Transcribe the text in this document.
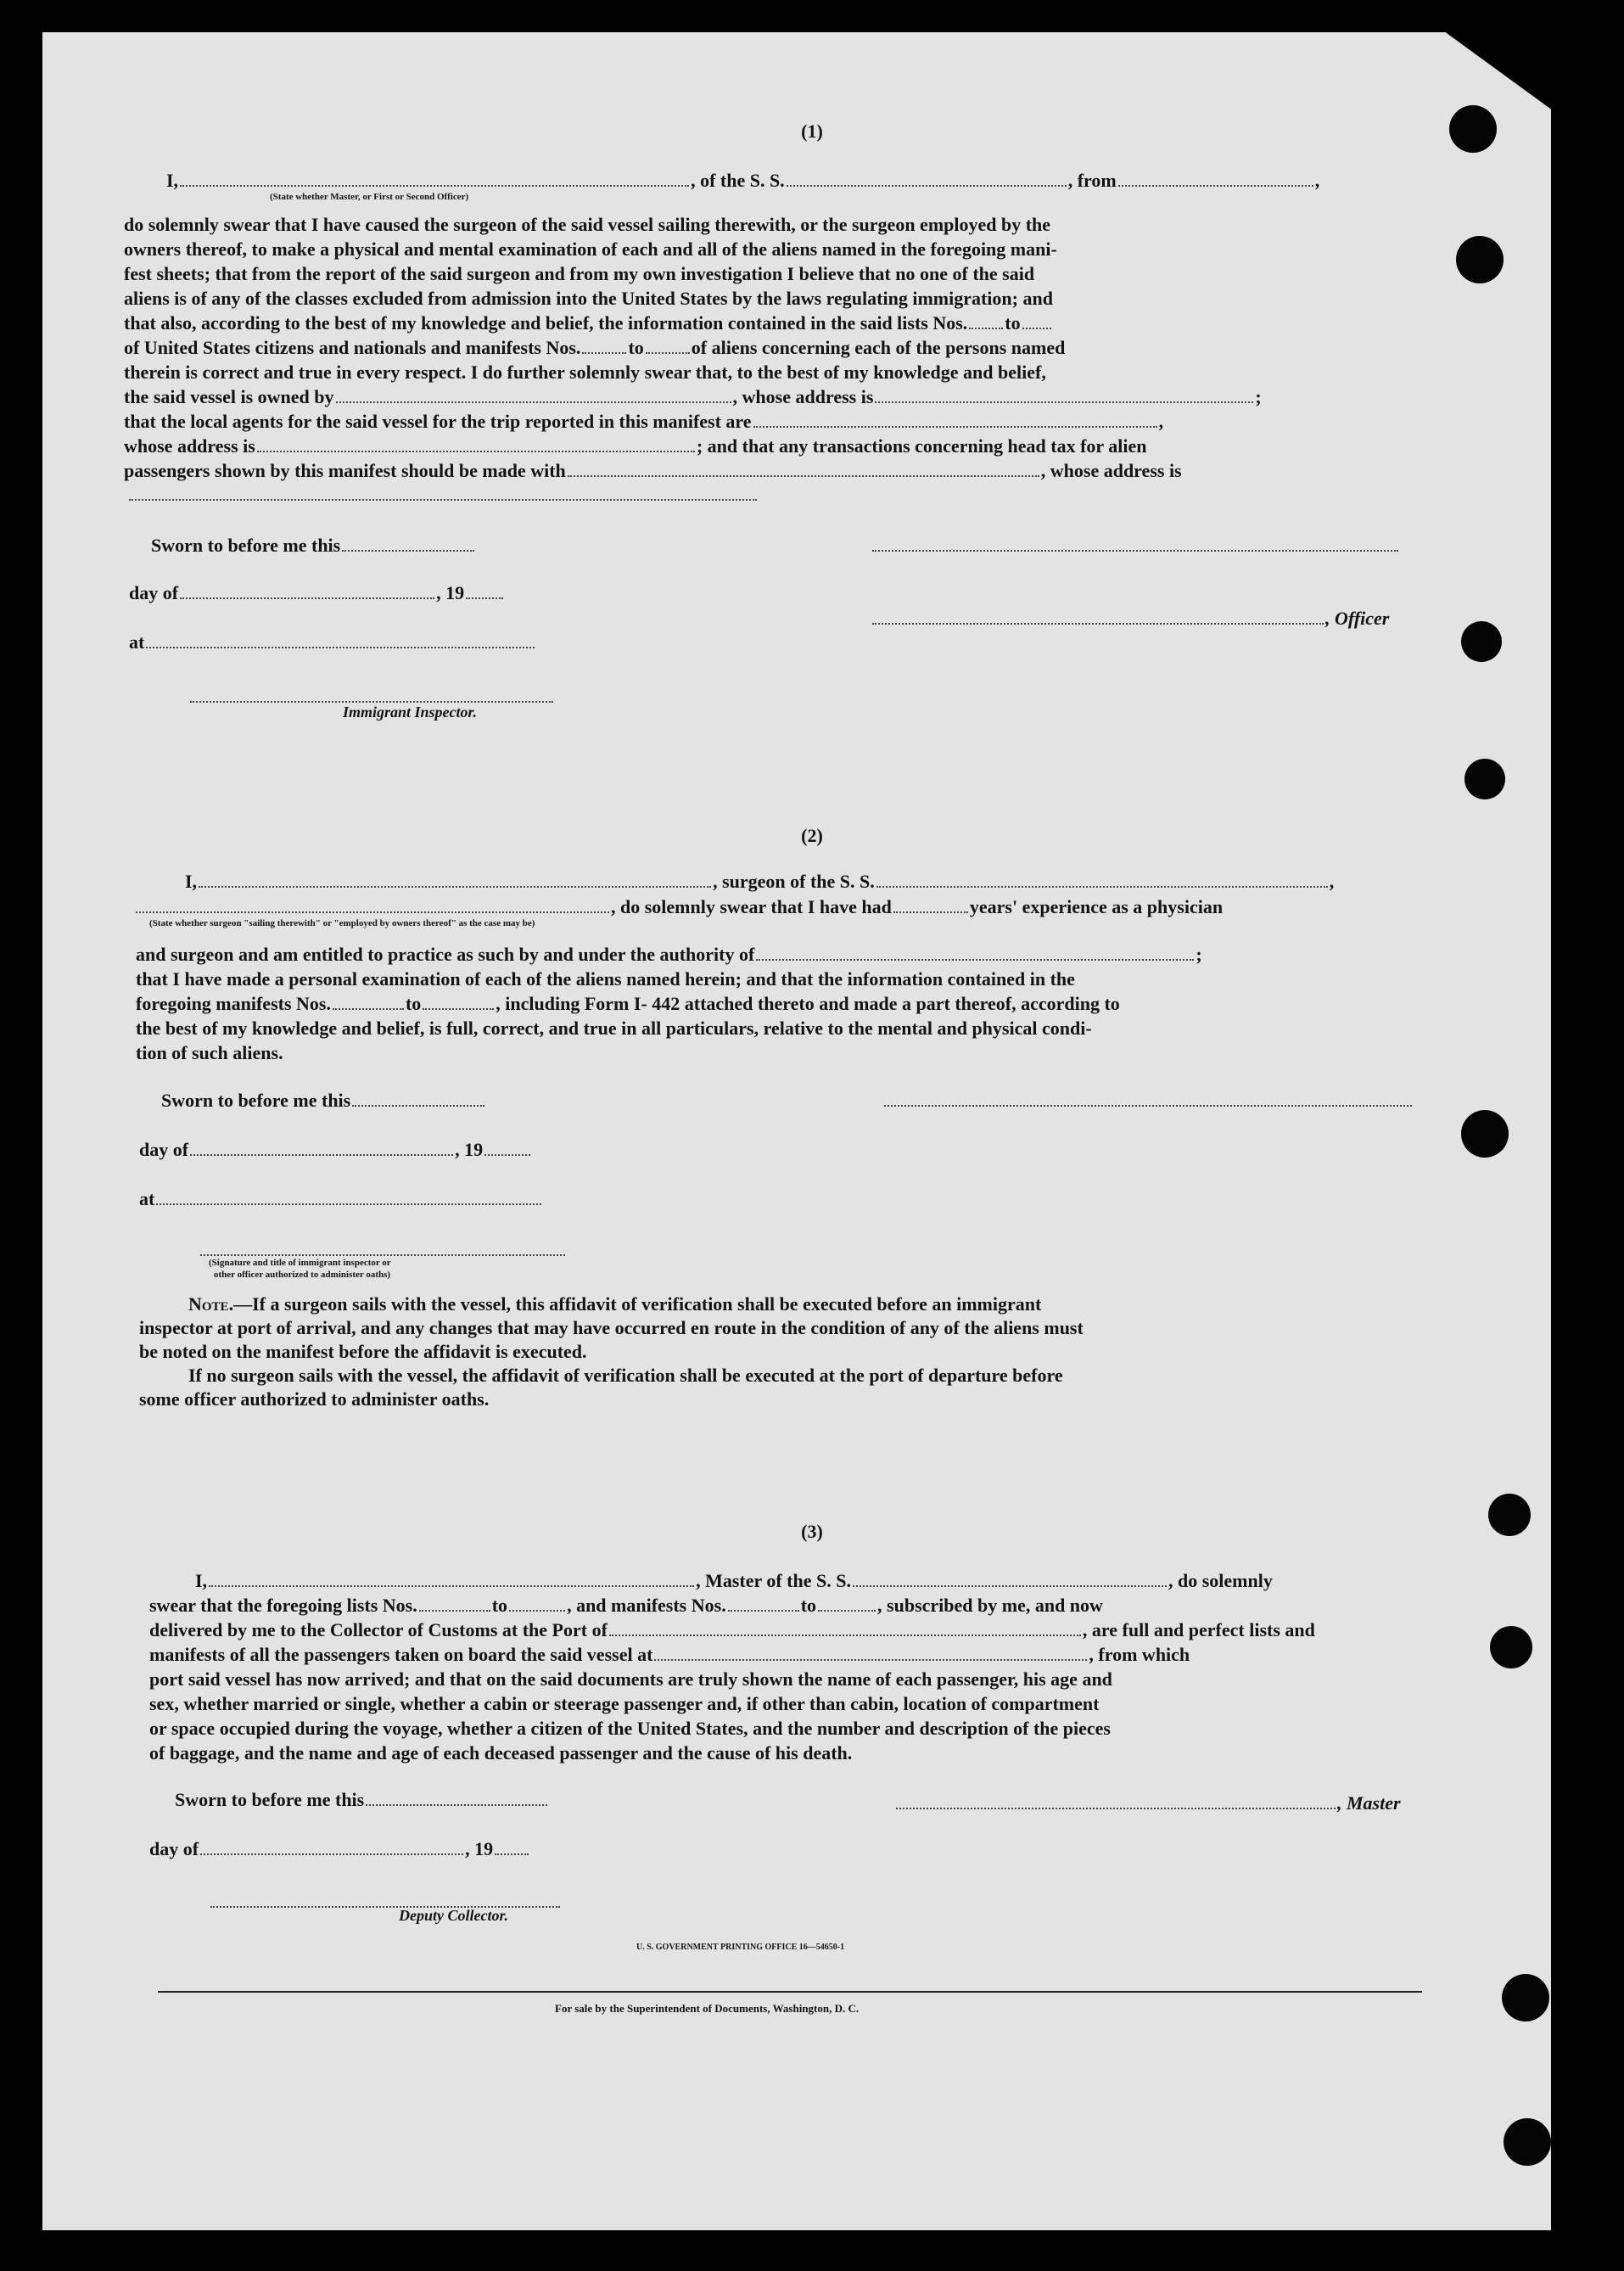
(1)
I,	, of the S. S.	, from	,
(State whether Master, or First or Second Officer)
do solemnly swear that I have caused the surgeon of the said vessel sailing therewith, or the surgeon employed by the
owners thereof, to make a physical and mental examination of each and all of the aliens named in the foregoing mani-
fest sheets; that from the report of the said surgeon and from my own investigation I believe that no one of the said
aliens is of any of the classes excluded from admission into the United States by the laws regulating immigration; and
that also, according to the best of my knowledge and belief, the information contained in the said lists Nos. to
of United States citizens and nationals and manifests Nos.	to	of aliens concerning each of the persons named
therein is correct and true in every respect. I do further solemnly swear that, to the best of my knowledge and belief,
the said vessel is owned by	, whose address is	;
that the local agents for the said vessel for the trip reported in this manifest are	,
whose address is	; and that any transactions concerning head tax for alien
passengers shown by this manifest should be made with	, whose address is
Sworn to before me this
day of	, 19
, Officer
at
Immigrant Inspector.
(2)
I,	, surgeon of the S. S.	,
, do solemnly swear that I have had	years' experience as a physician
(State whether surgeon "sailing therewith" or "employed by owners thereof" as the case may be)
and surgeon and am entitled to practice as such by and under the authority of	;
that I have made a personal examination of each of the aliens named herein; and that the information contained in the
foregoing manifests Nos.	to	, including Form I- 442 attached thereto and made a part thereof, according to
the best of my knowledge and belief, is full, correct, and true in all particulars, relative to the mental and physical condi-
tion of such aliens.
Sworn to before me this
day of	, 19
at
(Signature and title of immigrant inspector or
other officer authorized to administer oaths)
Note.—If a surgeon sails with the vessel, this affidavit of verification shall be executed before an immigrant
inspector at port of arrival, and any changes that may have occurred en route in the condition of any of the aliens must
be noted on the manifest before the affidavit is executed.
If no surgeon sails with the vessel, the affidavit of verification shall be executed at the port of departure before
some officer authorized to administer oaths.
(3)
I,	, Master of the S. S.	, do solemnly
swear that the foregoing lists Nos.	to	, and manifests Nos.	to	, subscribed by me, and now
delivered by me to the Collector of Customs at the Port of	, are full and perfect lists and
manifests of all the passengers taken on board the said vessel at	, from which
port said vessel has now arrived; and that on the said documents are truly shown the name of each passenger, his age and
sex, whether married or single, whether a cabin or steerage passenger and, if other than cabin, location of compartment
or space occupied during the voyage, whether a citizen of the United States, and the number and description of the pieces
of baggage, and the name and age of each deceased passenger and the cause of his death.
Sworn to before me this	, Master
day of	, 19
Deputy Collector.
U. S. GOVERNMENT PRINTING OFFICE 16—54650-1
For sale by the Superintendent of Documents, Washington, D. C.
